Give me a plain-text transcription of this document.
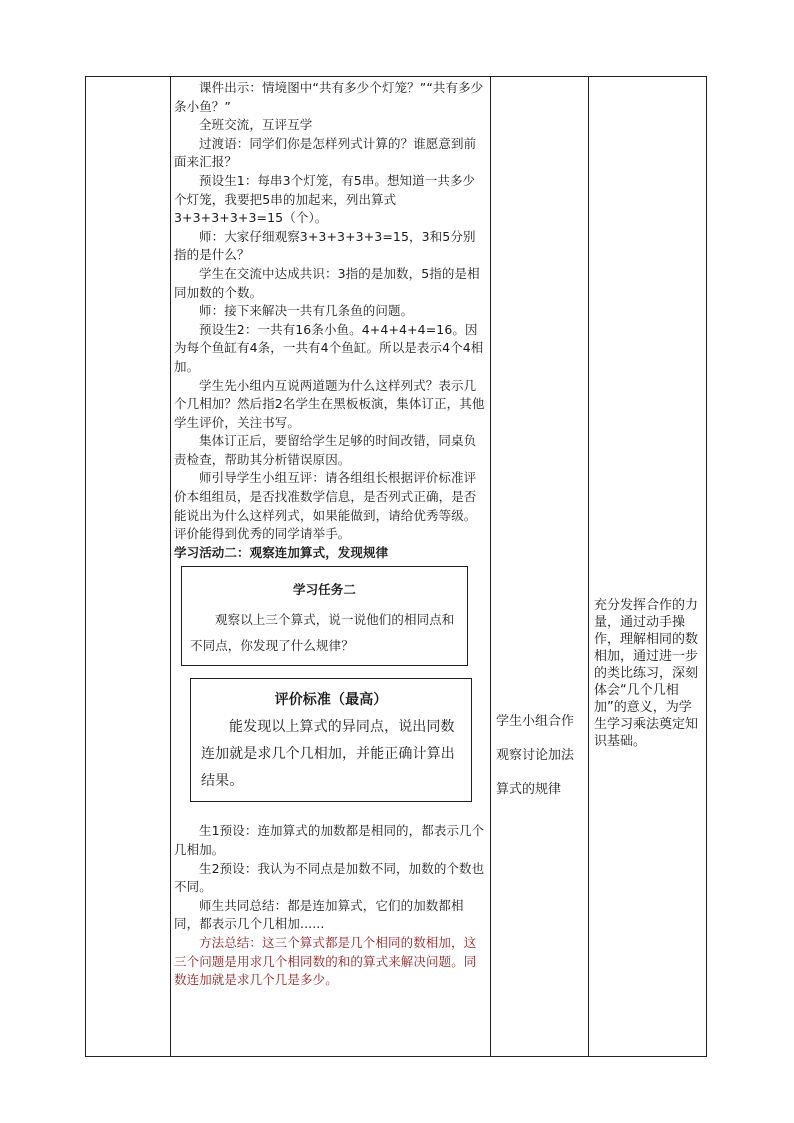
课件出示：情境图中“共有多少个灯笼？”“共有多少条小鱼？”

全班交流，互评互学

过渡语：同学们你是怎样列式计算的？谁愿意到前面来汇报？

预设生1：每串3个灯笼，有5串。想知道一共多少个灯笼，我要把5串的加起来，列出算式3+3+3+3+3=15（个）。

师：大家仔细观察3+3+3+3+3=15，3和5分别指的是什么？

学生在交流中达成共识：3指的是加数，5指的是相同加数的个数。

师：接下来解决一共有几条鱼的问题。

预设生2：一共有16条小鱼。4+4+4+4=16。因为每个鱼缸有4条，一共有4个鱼缸。所以是表示4个4相加。

学生先小组内互说两道题为什么这样列式？表示几个几相加？然后指2名学生在黑板板演，集体订正，其他学生评价，关注书写。

集体订正后，要留给学生足够的时间改错，同桌负责检查，帮助其分析错误原因。

师引导学生小组互评：请各组组长根据评价标准评价本组组员，是否找准数学信息，是否列式正确，是否能说出为什么这样列式，如果能做到，请给优秀等级。评价能得到优秀的同学请举手。

学习活动二：观察连加算式，发现规律

学习任务二
观察以上三个算式，说一说他们的相同点和不同点，你发现了什么规律？
评价标准（最高）
能发现以上算式的异同点，说出同数连加就是求几个几相加，并能正确计算出结果。

生1预设：连加算式的加数都是相同的，都表示几个几相加。

生2预设：我认为不同点是加数不同，加数的个数也不同。

师生共同总结：都是连加算式，它们的加数都相同，都表示几个几相加......

方法总结：这三个算式都是几个相同的数相加，这三个问题是用求几个相同数的和的算式来解决问题。同数连加就是求几个几是多少。

学生小组合作观察讨论加法算式的规律
充分发挥合作的力量，通过动手操作，理解相同的数相加，通过进一步的类比练习，深刻体会“几个几相加”的意义，为学生学习乘法奠定知识基础。
